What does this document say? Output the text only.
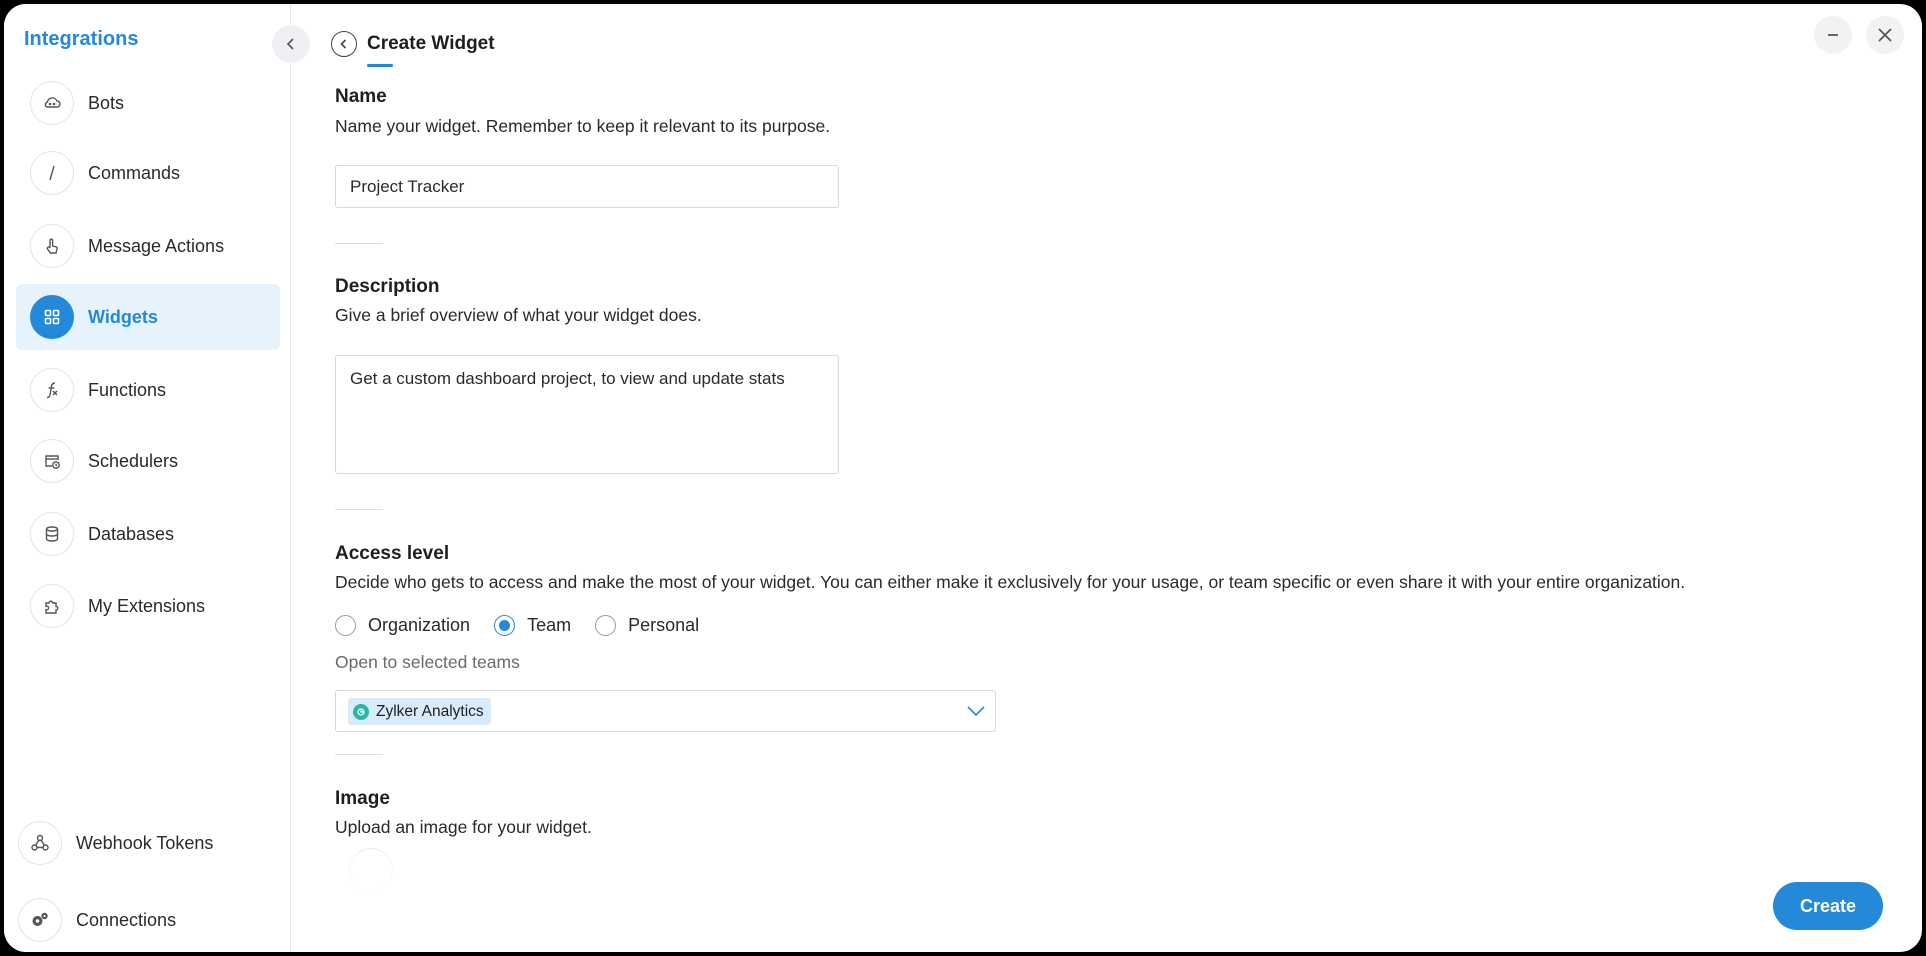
Integrations
Bots
Commands
Message Actions
Widgets
Functions
Schedulers
Databases
My Extensions
Webhook Tokens
Connections
Create Widget
Name
Name your widget. Remember to keep it relevant to its purpose.
Project Tracker
Description
Give a brief overview of what your widget does.
Get a custom dashboard project, to view and update stats
Access level
Decide who gets to access and make the most of your widget. You can either make it exclusively for your usage, or team specific or even share it with your entire organization.
Organization	Team	Personal
Open to selected teams
Zylker Analytics
Image
Upload an image for your widget.
Create
